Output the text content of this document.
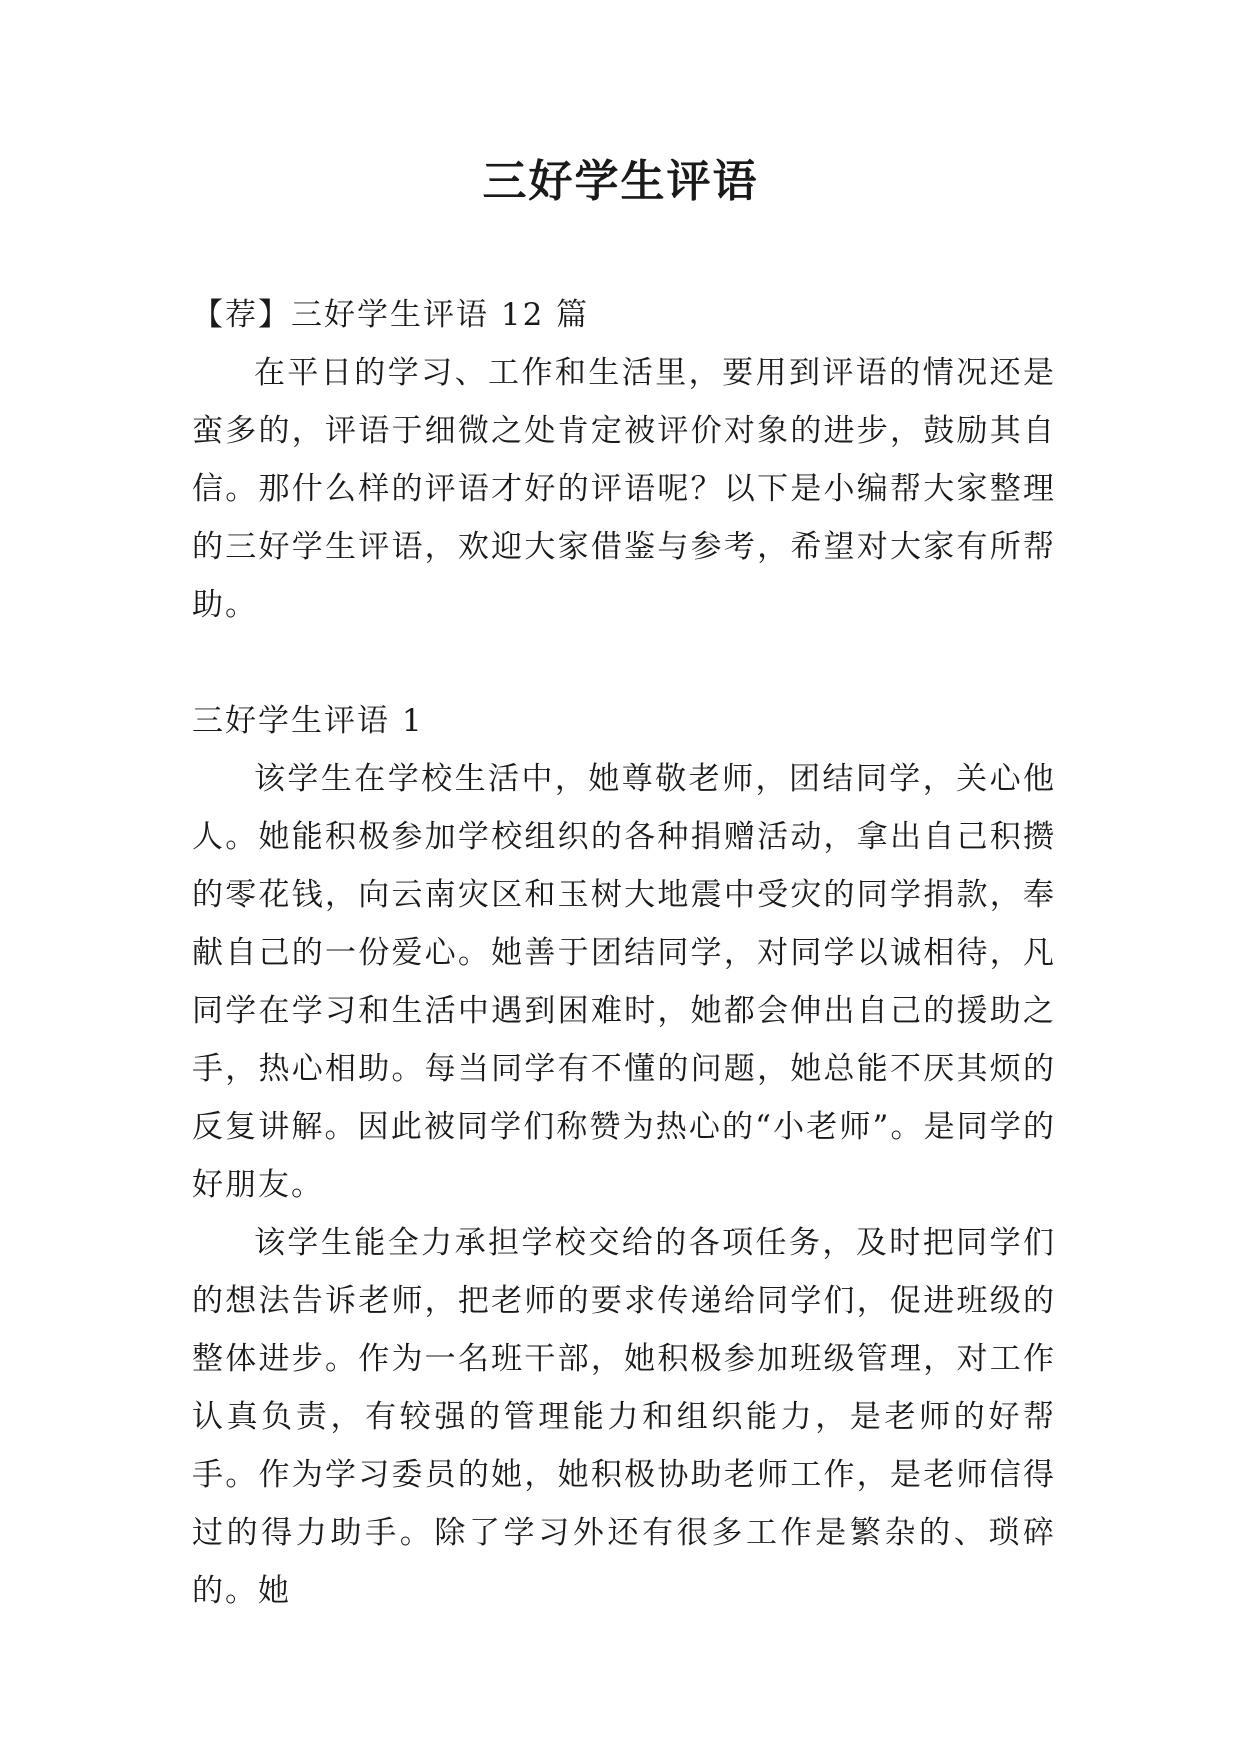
三好学生评语

【荐】三好学生评语 12 篇

在平日的学习、工作和生活里，要用到评语的情况还是蛮多的，评语于细微之处肯定被评价对象的进步，鼓励其自信。那什么样的评语才好的评语呢？以下是小编帮大家整理的三好学生评语，欢迎大家借鉴与参考，希望对大家有所帮助。

三好学生评语 1

该学生在学校生活中，她尊敬老师，团结同学，关心他人。她能积极参加学校组织的各种捐赠活动，拿出自己积攒的零花钱，向云南灾区和玉树大地震中受灾的同学捐款，奉献自己的一份爱心。她善于团结同学，对同学以诚相待，凡同学在学习和生活中遇到困难时，她都会伸出自己的援助之手，热心相助。每当同学有不懂的问题，她总能不厌其烦的反复讲解。因此被同学们称赞为热心的“小老师”。是同学的好朋友。

该学生能全力承担学校交给的各项任务，及时把同学们的想法告诉老师，把老师的要求传递给同学们，促进班级的整体进步。作为一名班干部，她积极参加班级管理，对工作认真负责，有较强的管理能力和组织能力，是老师的好帮手。作为学习委员的她，她积极协助老师工作，是老师信得过的得力助手。除了学习外还有很多工作是繁杂的、琐碎的。她
